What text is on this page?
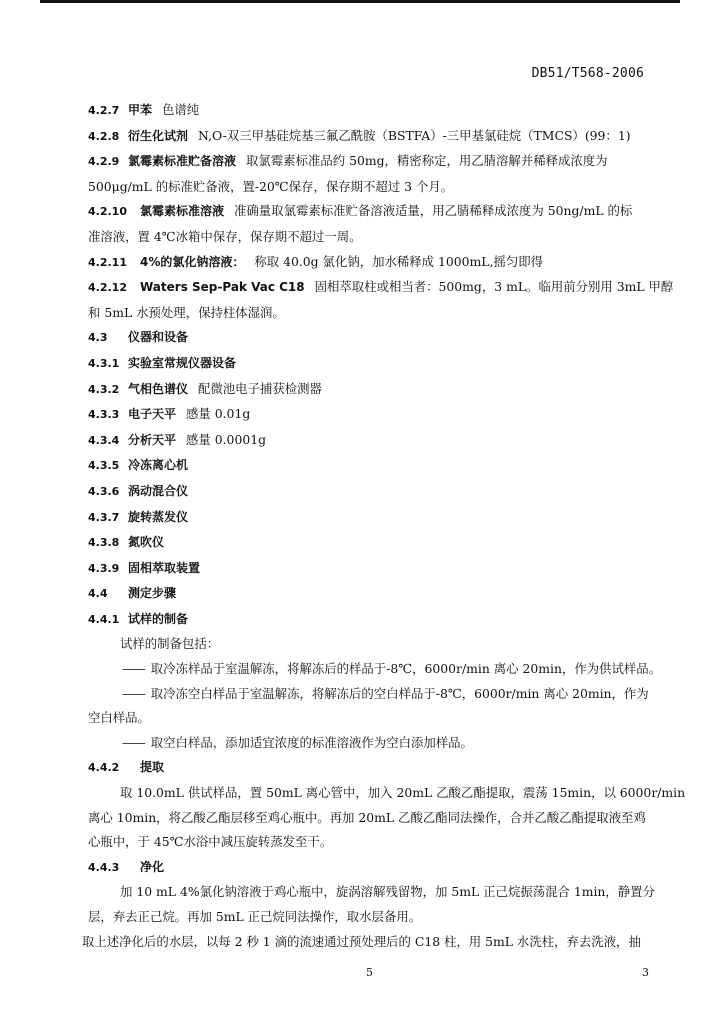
DB51/T568-2006

4.2.7 甲苯 色谱纯

4.2.8 衍生化试剂 N,O-双三甲基硅烷基三氟乙酰胺（BSTFA）-三甲基氯硅烷（TMCS）(99：1)

4.2.9 氯霉素标准贮备溶液 取氯霉素标准品约 50mg，精密称定，用乙腈溶解并稀释成浓度为

500μg/mL 的标准贮备液，置-20℃保存，保存期不超过 3 个月。

4.2.10 氯霉素标准溶液 准确量取氯霉素标准贮备溶液适量，用乙腈稀释成浓度为 50ng/mL 的标

准溶液，置 4℃冰箱中保存，保存期不超过一周。

4.2.11 4%的氯化钠溶液： 称取 40.0g 氯化钠，加水稀释成 1000mL,摇匀即得

4.2.12 Waters Sep-Pak Vac C18 固相萃取柱或相当者：500mg，3 mL。临用前分别用 3mL 甲醇

和 5mL 水预处理，保持柱体湿润。

4.3 仪器和设备

4.3.1 实验室常规仪器设备

4.3.2 气相色谱仪 配微池电子捕获检测器

4.3.3 电子天平 感量 0.01g

4.3.4 分析天平 感量 0.0001g

4.3.5 冷冻离心机

4.3.6 涡动混合仪

4.3.7 旋转蒸发仪

4.3.8 氮吹仪

4.3.9 固相萃取装置

4.4 测定步骤

4.4.1 试样的制备

试样的制备包括：

—— 取冷冻样品于室温解冻，将解冻后的样品于-8℃，6000r/min 离心 20min，作为供试样品。

—— 取冷冻空白样品于室温解冻，将解冻后的空白样品于-8℃，6000r/min 离心 20min，作为

空白样品。

—— 取空白样品，添加适宜浓度的标准溶液作为空白添加样品。

4.4.2 提取

取 10.0mL 供试样品，置 50mL 离心管中，加入 20mL 乙酸乙酯提取，震荡 15min，以 6000r/min

离心 10min，将乙酸乙酯层移至鸡心瓶中。再加 20mL 乙酸乙酯同法操作，合并乙酸乙酯提取液至鸡

心瓶中，于 45℃水浴中减压旋转蒸发至干。

4.4.3 净化

加 10 mL 4%氯化钠溶液于鸡心瓶中，旋涡溶解残留物，加 5mL 正己烷振荡混合 1min，静置分

层，弃去正己烷。再加 5mL 正己烷同法操作，取水层备用。

取上述净化后的水层，以每 2 秒 1 滴的流速通过预处理后的 C18 柱，用 5mL 水洗柱，弃去洗液，抽

5	3
